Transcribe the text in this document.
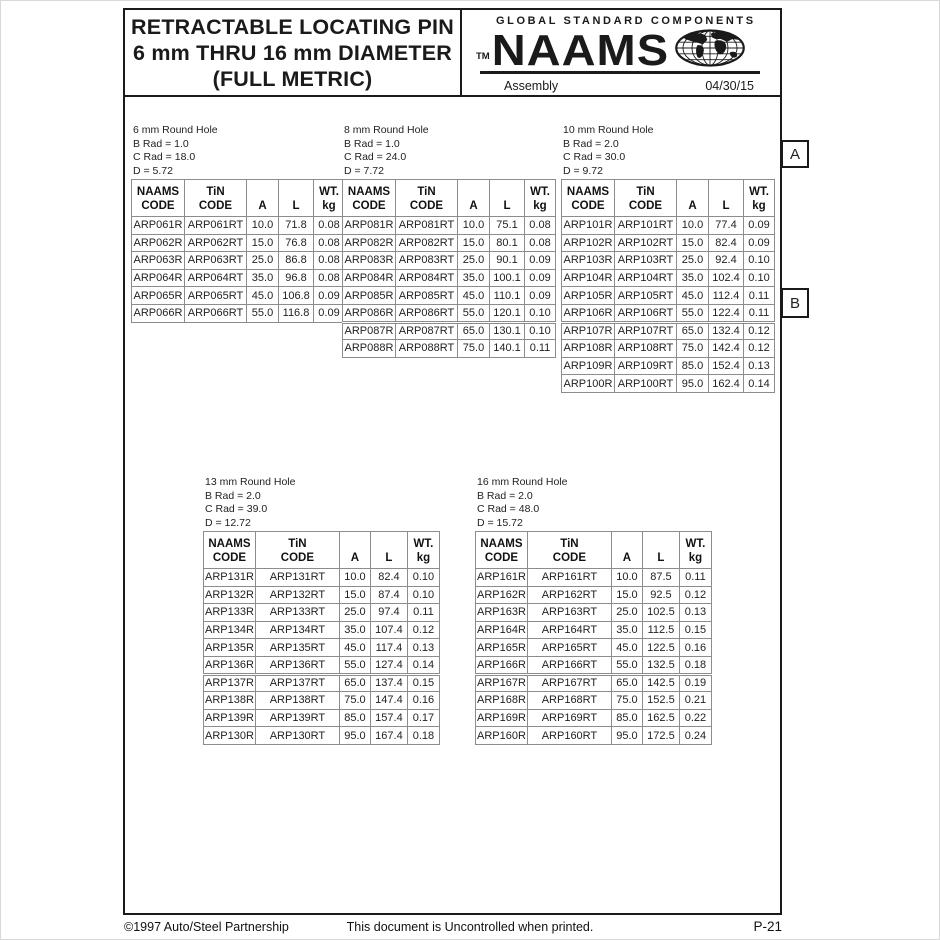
RETRACTABLE LOCATING PIN
6 mm THRU 16 mm DIAMETER
(FULL METRIC)
GLOBAL STANDARD COMPONENTS
TM NAAMS
Assembly	04/30/15
A
B
6 mm Round Hole
B Rad = 1.0
C Rad = 18.0
D = 5.72
NAAMS
CODE	TiN
CODE	A	L	WT.
kg
ARP061R	ARP061RT	10.0	71.8	0.08
ARP062R	ARP062RT	15.0	76.8	0.08
ARP063R	ARP063RT	25.0	86.8	0.08
ARP064R	ARP064RT	35.0	96.8	0.08
ARP065R	ARP065RT	45.0	106.8	0.09
ARP066R	ARP066RT	55.0	116.8	0.09
8 mm Round Hole
B Rad = 1.0
C Rad = 24.0
D = 7.72
NAAMS
CODE	TiN
CODE	A	L	WT.
kg
ARP081R	ARP081RT	10.0	75.1	0.08
ARP082R	ARP082RT	15.0	80.1	0.08
ARP083R	ARP083RT	25.0	90.1	0.09
ARP084R	ARP084RT	35.0	100.1	0.09
ARP085R	ARP085RT	45.0	110.1	0.09
ARP086R	ARP086RT	55.0	120.1	0.10
ARP087R	ARP087RT	65.0	130.1	0.10
ARP088R	ARP088RT	75.0	140.1	0.11
10 mm Round Hole
B Rad = 2.0
C Rad = 30.0
D = 9.72
NAAMS
CODE	TiN
CODE	A	L	WT.
kg
ARP101R	ARP101RT	10.0	77.4	0.09
ARP102R	ARP102RT	15.0	82.4	0.09
ARP103R	ARP103RT	25.0	92.4	0.10
ARP104R	ARP104RT	35.0	102.4	0.10
ARP105R	ARP105RT	45.0	112.4	0.11
ARP106R	ARP106RT	55.0	122.4	0.11
ARP107R	ARP107RT	65.0	132.4	0.12
ARP108R	ARP108RT	75.0	142.4	0.12
ARP109R	ARP109RT	85.0	152.4	0.13
ARP100R	ARP100RT	95.0	162.4	0.14
13 mm Round Hole
B Rad = 2.0
C Rad = 39.0
D = 12.72
NAAMS
CODE	TiN
CODE	A	L	WT.
kg
ARP131R	ARP131RT	10.0	82.4	0.10
ARP132R	ARP132RT	15.0	87.4	0.10
ARP133R	ARP133RT	25.0	97.4	0.11
ARP134R	ARP134RT	35.0	107.4	0.12
ARP135R	ARP135RT	45.0	117.4	0.13
ARP136R	ARP136RT	55.0	127.4	0.14
ARP137R	ARP137RT	65.0	137.4	0.15
ARP138R	ARP138RT	75.0	147.4	0.16
ARP139R	ARP139RT	85.0	157.4	0.17
ARP130R	ARP130RT	95.0	167.4	0.18
16 mm Round Hole
B Rad = 2.0
C Rad = 48.0
D = 15.72
NAAMS
CODE	TiN
CODE	A	L	WT.
kg
ARP161R	ARP161RT	10.0	87.5	0.11
ARP162R	ARP162RT	15.0	92.5	0.12
ARP163R	ARP163RT	25.0	102.5	0.13
ARP164R	ARP164RT	35.0	112.5	0.15
ARP165R	ARP165RT	45.0	122.5	0.16
ARP166R	ARP166RT	55.0	132.5	0.18
ARP167R	ARP167RT	65.0	142.5	0.19
ARP168R	ARP168RT	75.0	152.5	0.21
ARP169R	ARP169RT	85.0	162.5	0.22
ARP160R	ARP160RT	95.0	172.5	0.24
©1997 Auto/Steel Partnership	This document is Uncontrolled when printed.	P-21
